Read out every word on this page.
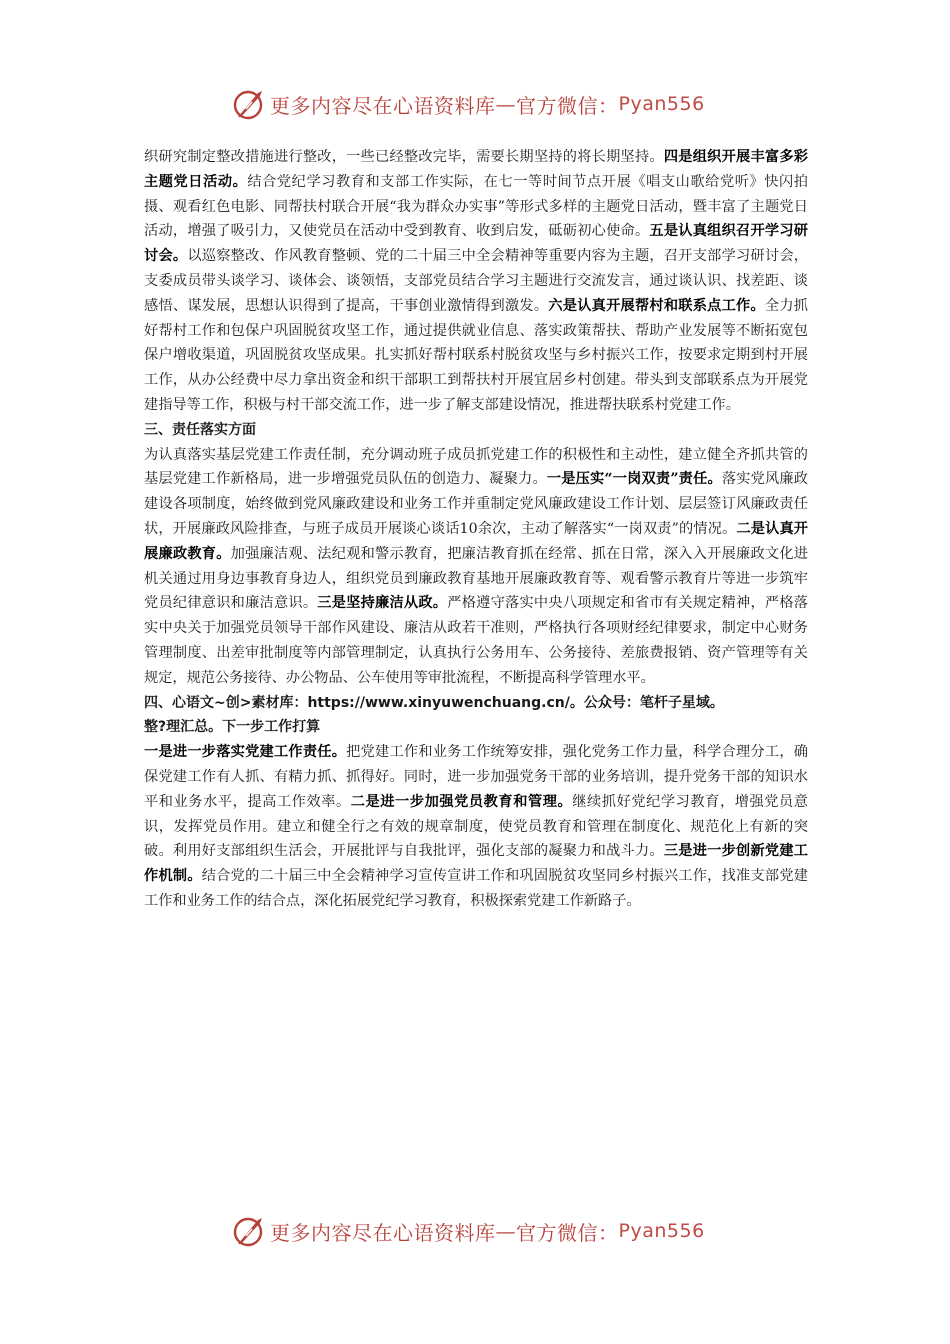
更多内容尽在心语资料库 — 官方微信： Pyan556

织研究制定整改措施进行整改，一些已经整改完毕，需要长期坚持的将长期坚持。四是组织开展丰富多彩主题党日活动。结合党纪学习教育和支部工作实际，在七一等时间节点开展《唱支山歌给党听》快闪拍摄、观看红色电影、同帮扶村联合开展“我为群众办实事”等形式多样的主题党日活动，暨丰富了主题党日活动，增强了吸引力，又使党员在活动中受到教育、收到启发，砥砺初心使命。五是认真组织召开学习研讨会。以巡察整改、作风教育整顿、党的二十届三中全会精神等重要内容为主题，召开支部学习研讨会，支委成员带头谈学习、谈体会、谈领悟，支部党员结合学习主题进行交流发言，通过谈认识、找差距、谈感悟、谋发展，思想认识得到了提高，干事创业激情得到激发。六是认真开展帮村和联系点工作。全力抓好帮村工作和包保户巩固脱贫攻坚工作，通过提供就业信息、落实政策帮扶、帮助产业发展等不断拓宽包保户增收渠道，巩固脱贫攻坚成果。扎实抓好帮村联系村脱贫攻坚与乡村振兴工作，按要求定期到村开展工作，从办公经费中尽力拿出资金和织干部职工到帮扶村开展宜居乡村创建。带头到支部联系点为开展党建指导等工作，积极与村干部交流工作，进一步了解支部建设情况，推进帮扶联系村党建工作。

三、责任落实方面

为认真落实基层党建工作责任制，充分调动班子成员抓党建工作的积极性和主动性，建立健全齐抓共管的基层党建工作新格局，进一步增强党员队伍的创造力、凝聚力。一是压实“一岗双责”责任。落实党风廉政建设各项制度，始终做到党风廉政建设和业务工作并重制定党风廉政建设工作计划、层层签订风廉政责任状，开展廉政风险排查，与班子成员开展谈心谈话10余次，主动了解落实“一岗双责”的情况。二是认真开展廉政教育。加强廉洁观、法纪观和警示教育，把廉洁教育抓在经常、抓在日常，深入入开展廉政文化进机关通过用身边事教育身边人，组织党员到廉政教育基地开展廉政教育等、观看警示教育片等进一步筑牢党员纪律意识和廉洁意识。三是坚持廉洁从政。严格遵守落实中央八项规定和省市有关规定精神，严格落实中央关于加强党员领导干部作风建设、廉洁从政若干准则，严格执行各项财经纪律要求，制定中心财务管理制度、出差审批制度等内部管理制定，认真执行公务用车、公务接待、差旅费报销、资产管理等有关规定，规范公务接待、办公物品、公车使用等审批流程，不断提高科学管理水平。

四、心语文~创>素材库：https://www.xinyuwenchuang.cn/。公众号：笔杆子星域。

整?理汇总。下一步工作打算

一是进一步落实党建工作责任。把党建工作和业务工作统筹安排，强化党务工作力量，科学合理分工，确保党建工作有人抓、有精力抓、抓得好。同时，进一步加强党务干部的业务培训，提升党务干部的知识水平和业务水平，提高工作效率。二是进一步加强党员教育和管理。继续抓好党纪学习教育，增强党员意识，发挥党员作用。建立和健全行之有效的规章制度，使党员教育和管理在制度化、规范化上有新的突破。利用好支部组织生活会，开展批评与自我批评，强化支部的凝聚力和战斗力。三是进一步创新党建工作机制。结合党的二十届三中全会精神学习宣传宣讲工作和巩固脱贫攻坚同乡村振兴工作，找准支部党建工作和业务工作的结合点，深化拓展党纪学习教育，积极探索党建工作新路子。

更多内容尽在心语资料库 — 官方微信： Pyan556
